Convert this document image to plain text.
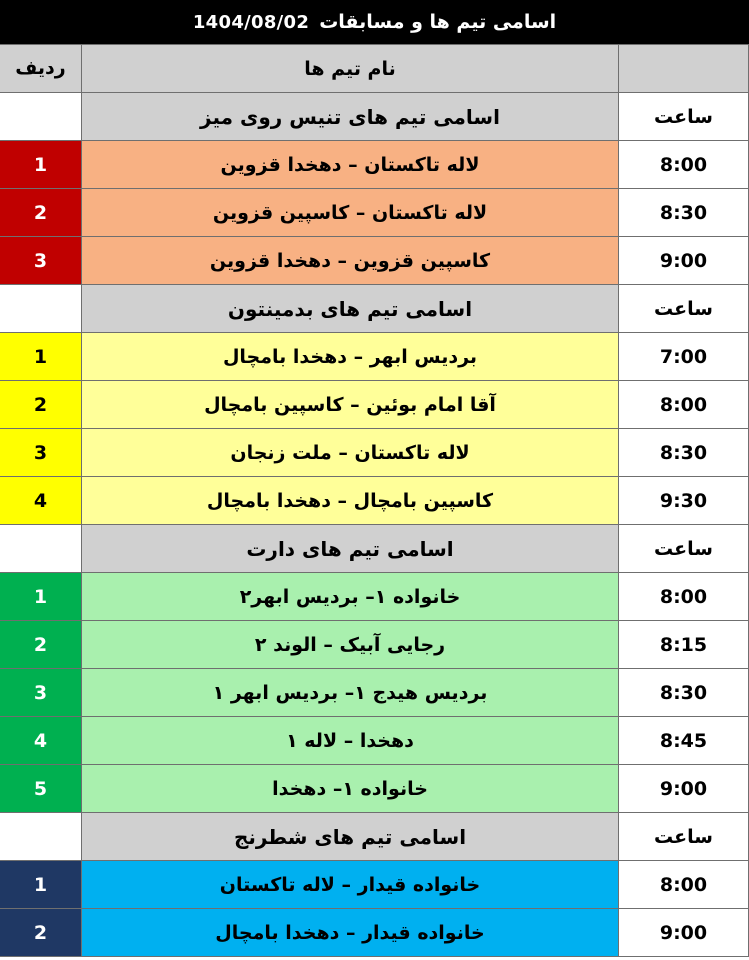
اسامی تیم ها و مسابقات
1404/08/02
	نام تیم ها	ردیف

ساعت	اسامی تیم های تنیس روی میز	
8:00	لاله تاکستان – دهخدا قزوین	1
8:30	لاله تاکستان – کاسپین قزوین	2
9:00	کاسپین قزوین – دهخدا قزوین	3
ساعت	اسامی تیم های بدمینتون	
7:00	بردیس ابهر – دهخدا بامچال	1
8:00	آقا امام بوئین – کاسپین بامچال	2
8:30	لاله تاکستان – ملت زنجان	3
9:30	کاسپین بامچال – دهخدا بامچال	4
ساعت	اسامی تیم های دارت	
8:00	خانواده ۱– بردیس ابهر۲	1
8:15	رجایی آبیک – الوند ۲	2
8:30	بردیس هیدج ۱– بردیس ابهر ۱	3
8:45	دهخدا – لاله ۱	4
9:00	خانواده ۱– دهخدا	5
ساعت	اسامی تیم های شطرنج	
8:00	خانواده قیدار – لاله تاکستان	1
9:00	خانواده قیدار – دهخدا بامچال	2
